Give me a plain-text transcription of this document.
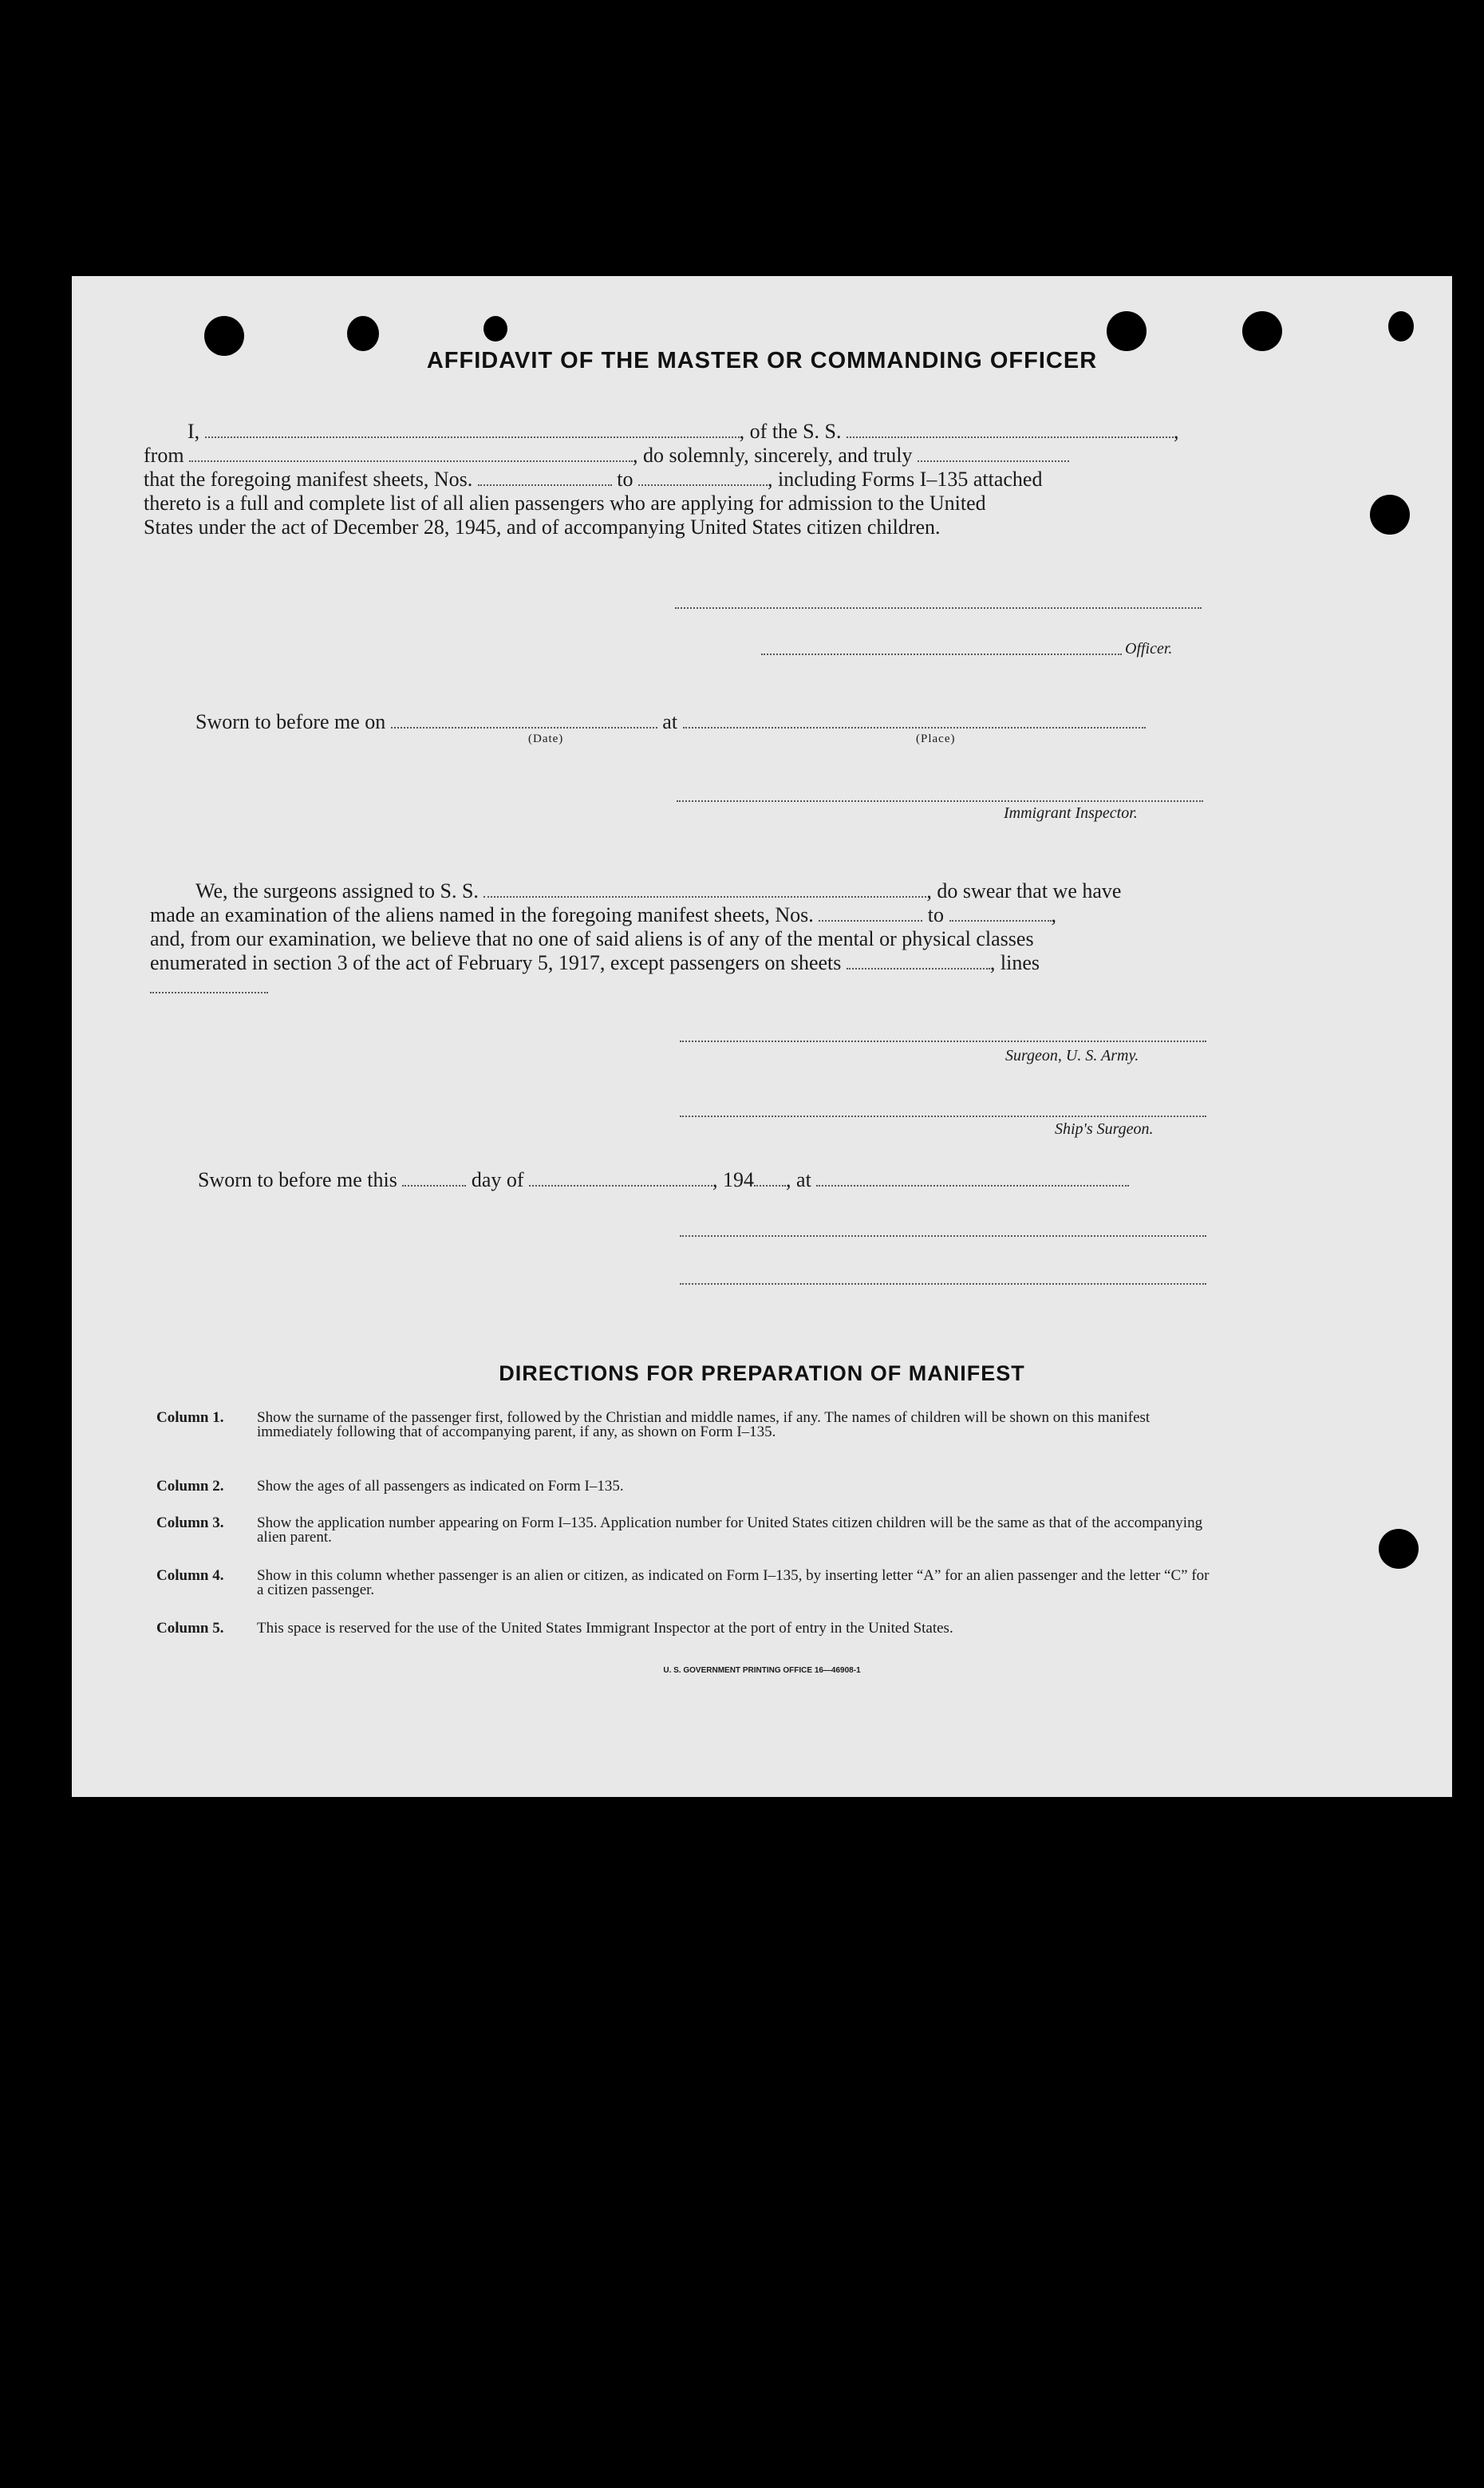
AFFIDAVIT OF THE MASTER OR COMMANDING OFFICER
I,	, of the S. S.	,
from	, do solemnly, sincerely, and truly
that the foregoing manifest sheets, Nos.	to	, including Forms I–135 attached
thereto is a full and complete list of all alien passengers who are applying for admission to the United
States under the act of December 28, 1945, and of accompanying United States citizen children.
Officer.
Sworn to before me on	at
(Date)	(Place)
Immigrant Inspector.
We, the surgeons assigned to S. S.	, do swear that we have
made an examination of the aliens named in the foregoing manifest sheets, Nos.	to	,
and, from our examination, we believe that no one of said aliens is of any of the mental or physical classes
enumerated in section 3 of the act of February 5, 1917, except passengers on sheets	, lines
Surgeon, U. S. Army.
Ship's Surgeon.
Sworn to before me this	day of	, 194 , at
DIRECTIONS FOR PREPARATION OF MANIFEST
Column 1.	Show the surname of the passenger first, followed by the Christian and middle names, if any. The names of children will be shown on this manifest immediately following that of accompanying parent, if any, as shown on Form I–135.
Column 2.	Show the ages of all passengers as indicated on Form I–135.
Column 3.	Show the application number appearing on Form I–135. Application number for United States citizen children will be the same as that of the accompanying alien parent.
Column 4.	Show in this column whether passenger is an alien or citizen, as indicated on Form I–135, by inserting letter “A” for an alien passenger and the letter “C” for a citizen passenger.
Column 5.	This space is reserved for the use of the United States Immigrant Inspector at the port of entry in the United States.
U. S. GOVERNMENT PRINTING OFFICE 16—46908-1
